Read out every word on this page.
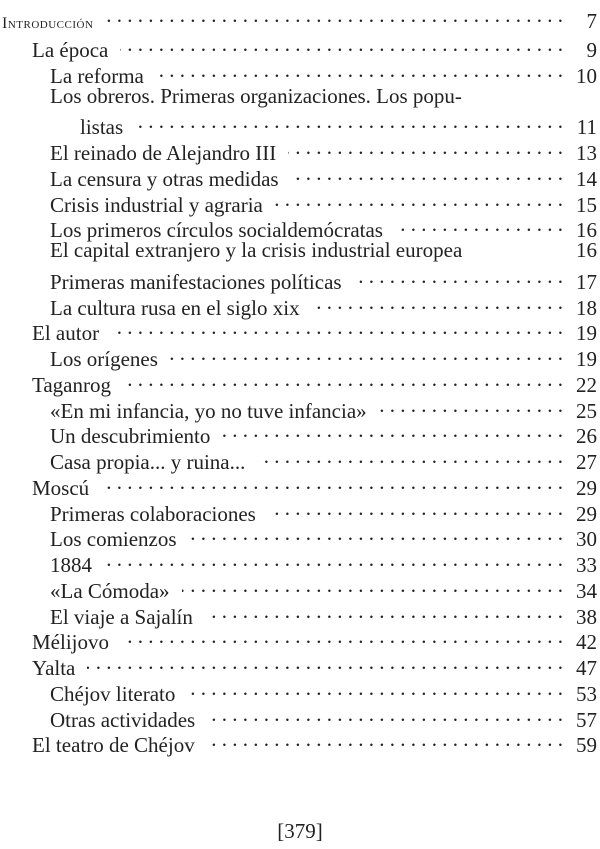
Introducción . . .	7
La época . . .	9
La reforma . . .	10
Los obreros. Primeras organizaciones. Los popu-
listas . . .	11
El reinado de Alejandro III . . .	13
La censura y otras medidas . . .	14
Crisis industrial y agraria . . .	15
Los primeros círculos socialdemócratas . . .	16
El capital extranjero y la crisis industrial europea	16
Primeras manifestaciones políticas . . .	17
La cultura rusa en el siglo xix . . .	18
El autor . . .	19
Los orígenes . . .	19
Taganrog . . .	22
«En mi infancia, yo no tuve infancia» . . .	25
Un descubrimiento . . .	26
Casa propia... y ruina... . . .	27
Moscú . . .	29
Primeras colaboraciones . . .	29
Los comienzos . . .	30
1884 . . .	33
«La Cómoda» . . .	34
El viaje a Sajalín . . .	38
Mélijovo . . .	42
Yalta . . .	47
Chéjov literato . . .	53
Otras actividades . . .	57
El teatro de Chéjov . . .	59
[379]
